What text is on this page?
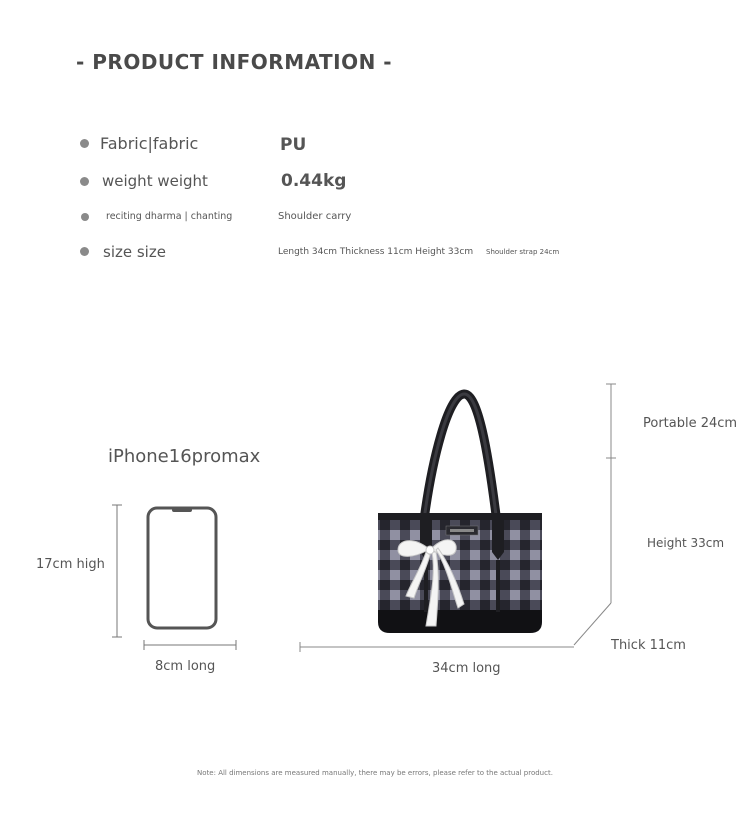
- PRODUCT INFORMATION -
Fabric|fabric	PU
weight weight	0.44kg
reciting dharma | chanting	Shoulder carry
size size	Length 34cm Thickness 11cm Height 33cm Shoulder strap 24cm
iPhone16promax
17cm high
8cm long
Portable 24cm
Height 33cm
Thick 11cm
34cm long
Note: All dimensions are measured manually, there may be errors, please refer to the actual product.
